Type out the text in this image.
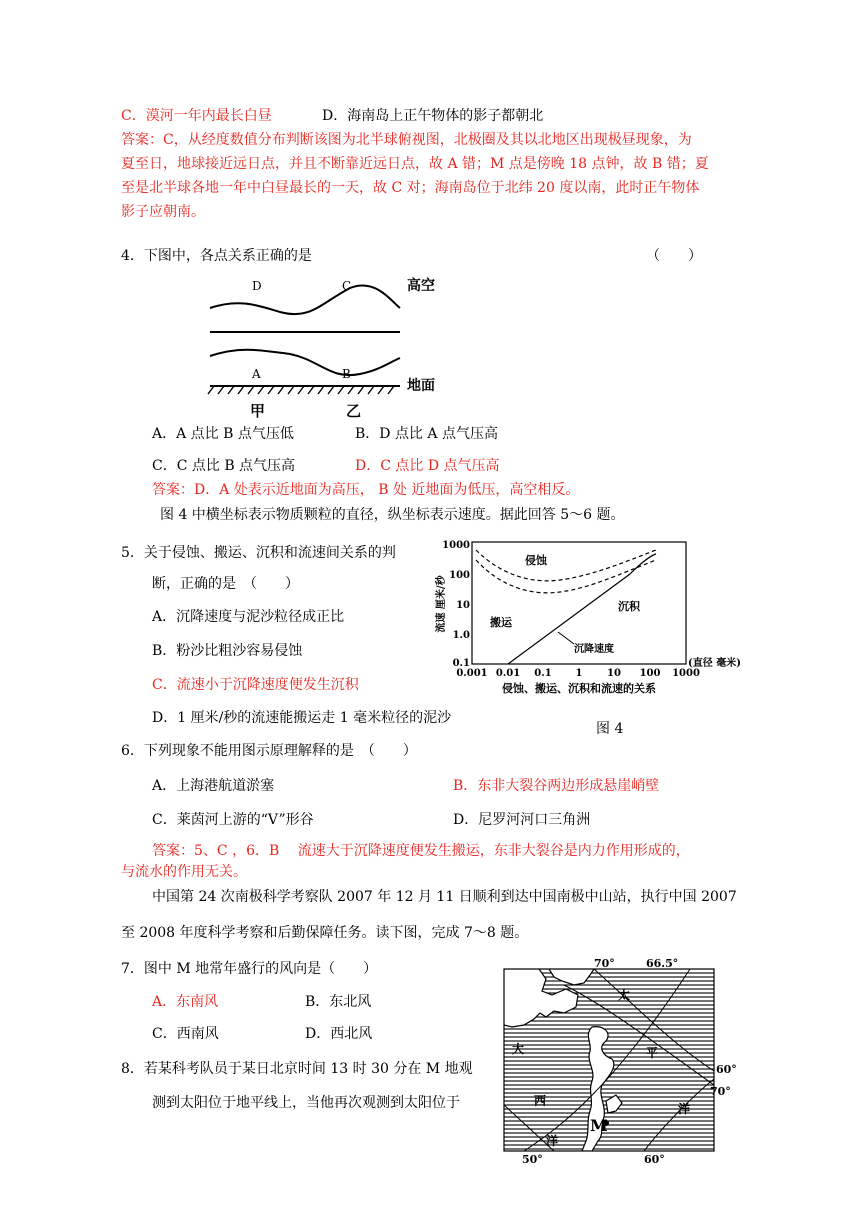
C．漠河一年内最长白昼	D．海南岛上正午物体的影子都朝北
答案：C，从经度数值分布判断该图为北半球俯视图，北极圈及其以北地区出现极昼现象，为
夏至日，地球接近远日点，并且不断靠近远日点，故 A 错；M 点是傍晚 18 点钟，故 B 错；夏
至是北半球各地一年中白昼最长的一天，故 C 对；海南岛位于北纬 20 度以南，此时正午物体
影子应朝南。
4．下图中，各点关系正确的是	（　　）
D	C
A	B
高空
地面
甲	乙
A．A 点比 B 点气压低	B．D 点比 A 点气压高
C．C 点比 B 点气压高	D．C 点比 D 点气压高
答案：D．A 处表示近地面为高压， B 处 近地面为低压，高空相反。
图 4 中横坐标表示物质颗粒的直径，纵坐标表示速度。据此回答 5～6 题。
5．关于侵蚀、搬运、沉积和流速间关系的判
断，正确的是　（　　）
A．沉降速度与泥沙粒径成正比
B．粉沙比粗沙容易侵蚀
C．流速小于沉降速度便发生沉积
D．1 厘米/秒的流速能搬运走 1 毫米粒径的泥沙
1000
100
10
1.0
0.1
0.001 0.01 0.1 1 10 100 1000
流速 厘米/秒
(直径 毫米)
侵蚀、搬运、沉积和流速的关系
侵蚀
沉积
搬运
沉降速度
图 4
6．下列现象不能用图示原理解释的是　（　　）
A．上海港航道淤塞	B．东非大裂谷两边形成悬崖峭壁
C．莱茵河上游的“V”形谷	D．尼罗河河口三角洲
答案：5、C ，6．B　 流速大于沉降速度便发生搬运，东非大裂谷是内力作用形成的，
与流水的作用无关。
中国第 24 次南极科学考察队 2007 年 12 月 11 日顺利到达中国南极中山站，执行中国 2007
至 2008 年度科学考察和后勤保障任务。读下图，完成 7～8 题。
7．图中 M 地常年盛行的风向是（　　）
A．东南风	B．东北风
C．西南风	D．西北风
8．若某科考队员于某日北京时间 13 时 30 分在 M 地观
测到太阳位于地平线上，当他再次观测到太阳位于
M
70°	66.5°
60°
70°
50°	60°
太
平
洋
大
西
洋
